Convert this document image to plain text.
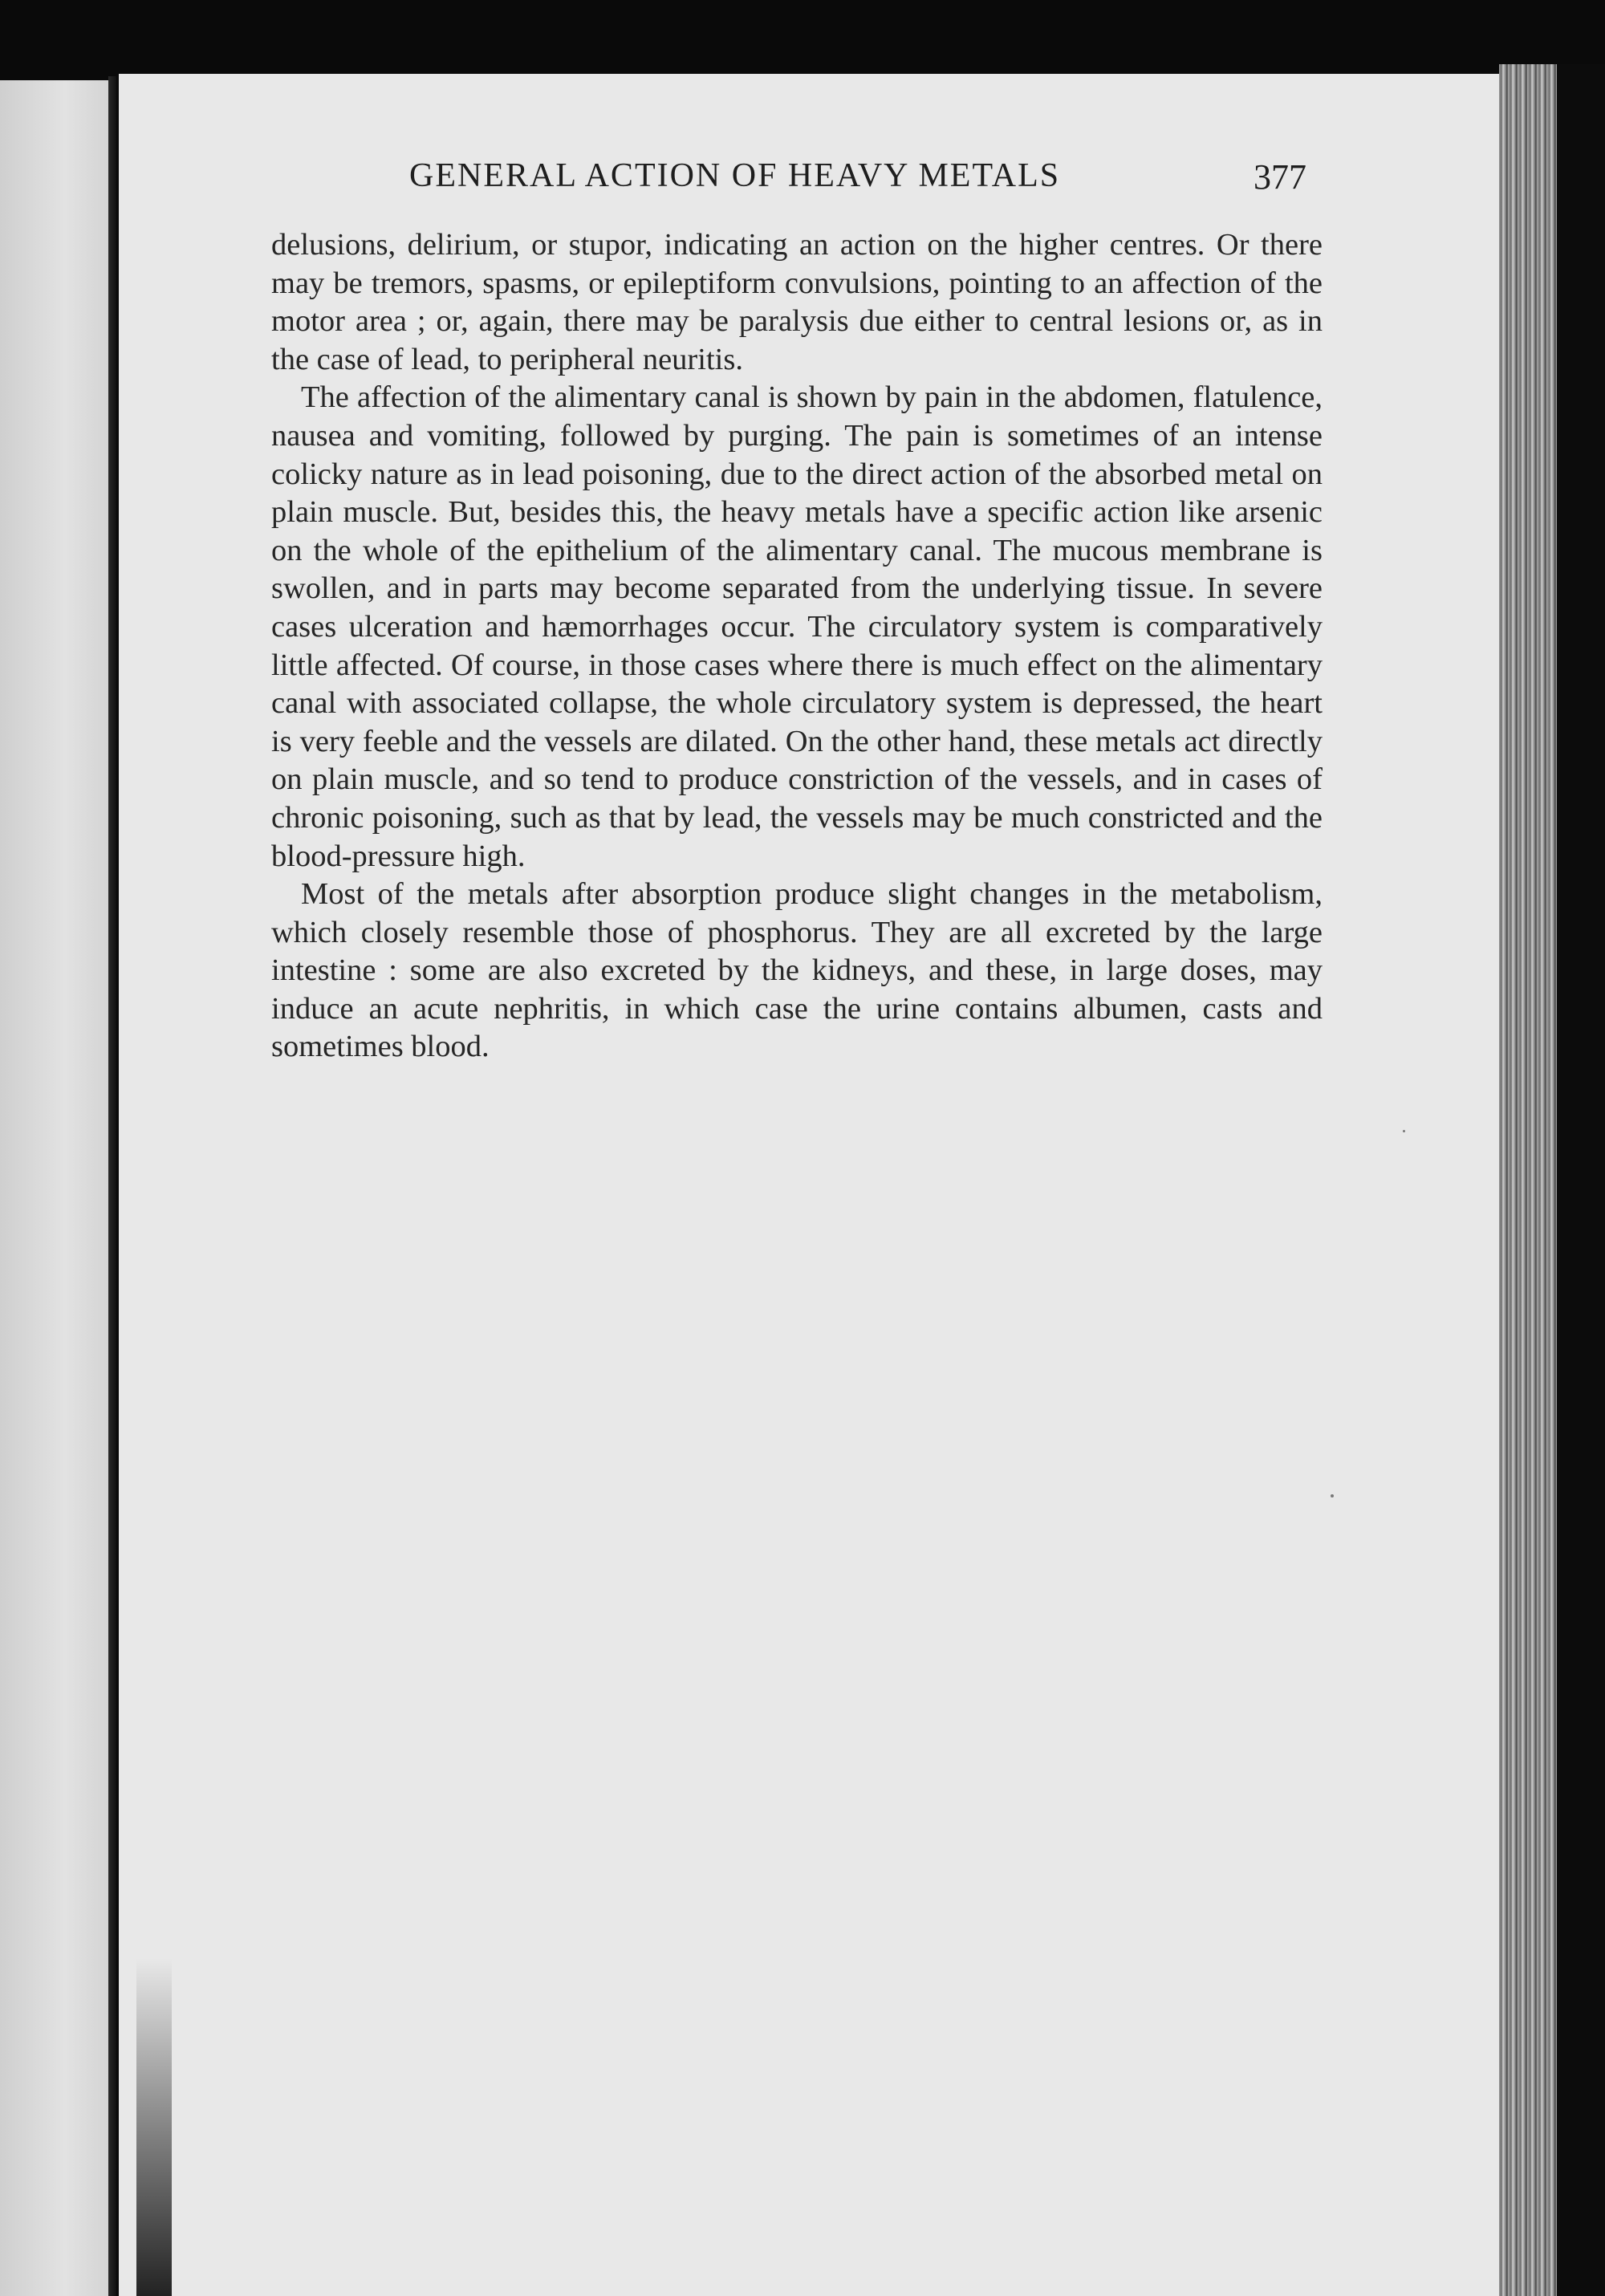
GENERAL ACTION OF HEAVY METALS	377

delusions, delirium, or stupor, indicating an action on the higher centres. Or there may be tremors, spasms, or epileptiform convulsions, pointing to an affection of the motor area ; or, again, there may be paralysis due either to central lesions or, as in the case of lead, to peripheral neuritis.

The affection of the alimentary canal is shown by pain in the abdomen, flatulence, nausea and vomiting, followed by purging. The pain is sometimes of an intense colicky nature as in lead poisoning, due to the direct action of the absorbed metal on plain muscle. But, besides this, the heavy metals have a specific action like arsenic on the whole of the epithelium of the alimentary canal. The mucous membrane is swollen, and in parts may become separated from the underlying tissue. In severe cases ulceration and hæmorrhages occur. The circulatory system is comparatively little affected. Of course, in those cases where there is much effect on the alimentary canal with associated collapse, the whole circulatory system is depressed, the heart is very feeble and the vessels are dilated. On the other hand, these metals act directly on plain muscle, and so tend to produce constriction of the vessels, and in cases of chronic poisoning, such as that by lead, the vessels may be much constricted and the blood-pressure high.

Most of the metals after absorption produce slight changes in the metabolism, which closely resemble those of phosphorus. They are all excreted by the large intestine : some are also excreted by the kidneys, and these, in large doses, may induce an acute nephritis, in which case the urine contains albumen, casts and sometimes blood.
